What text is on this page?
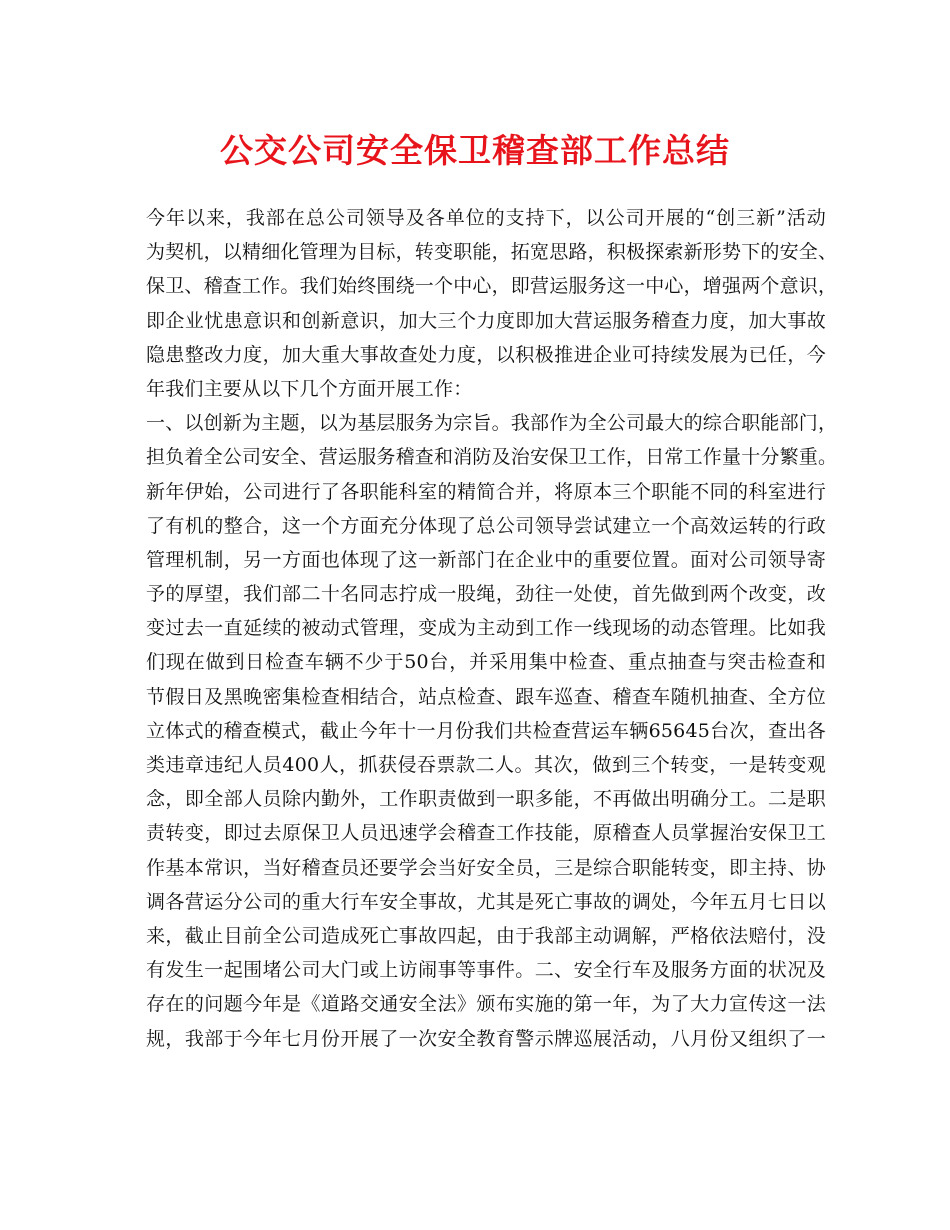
公交公司安全保卫稽查部工作总结
今年以来，我部在总公司领导及各单位的支持下，以公司开展的“创三新”活动
为契机，以精细化管理为目标，转变职能，拓宽思路，积极探索新形势下的安全、
保卫、稽查工作。我们始终围绕一个中心，即营运服务这一中心，增强两个意识，
即企业忧患意识和创新意识，加大三个力度即加大营运服务稽查力度，加大事故
隐患整改力度，加大重大事故查处力度，以积极推进企业可持续发展为已任，今
年我们主要从以下几个方面开展工作：
一、以创新为主题，以为基层服务为宗旨。我部作为全公司最大的综合职能部门，
担负着全公司安全、营运服务稽查和消防及治安保卫工作，日常工作量十分繁重。
新年伊始，公司进行了各职能科室的精简合并，将原本三个职能不同的科室进行
了有机的整合，这一个方面充分体现了总公司领导尝试建立一个高效运转的行政
管理机制，另一方面也体现了这一新部门在企业中的重要位置。面对公司领导寄
予的厚望，我们部二十名同志拧成一股绳，劲往一处使，首先做到两个改变，改
变过去一直延续的被动式管理，变成为主动到工作一线现场的动态管理。比如我
们现在做到日检查车辆不少于50台，并采用集中检查、重点抽查与突击检查和
节假日及黑晚密集检查相结合，站点检查、跟车巡查、稽查车随机抽查、全方位
立体式的稽查模式，截止今年十一月份我们共检查营运车辆65645台次，查出各
类违章违纪人员400人，抓获侵吞票款二人。其次，做到三个转变，一是转变观
念，即全部人员除内勤外，工作职责做到一职多能，不再做出明确分工。二是职
责转变，即过去原保卫人员迅速学会稽查工作技能，原稽查人员掌握治安保卫工
作基本常识，当好稽查员还要学会当好安全员，三是综合职能转变，即主持、协
调各营运分公司的重大行车安全事故，尤其是死亡事故的调处，今年五月七日以
来，截止目前全公司造成死亡事故四起，由于我部主动调解，严格依法赔付，没
有发生一起围堵公司大门或上访闹事等事件。二、安全行车及服务方面的状况及
存在的问题今年是《道路交通安全法》颁布实施的第一年，为了大力宣传这一法
规，我部于今年七月份开展了一次安全教育警示牌巡展活动，八月份又组织了一
